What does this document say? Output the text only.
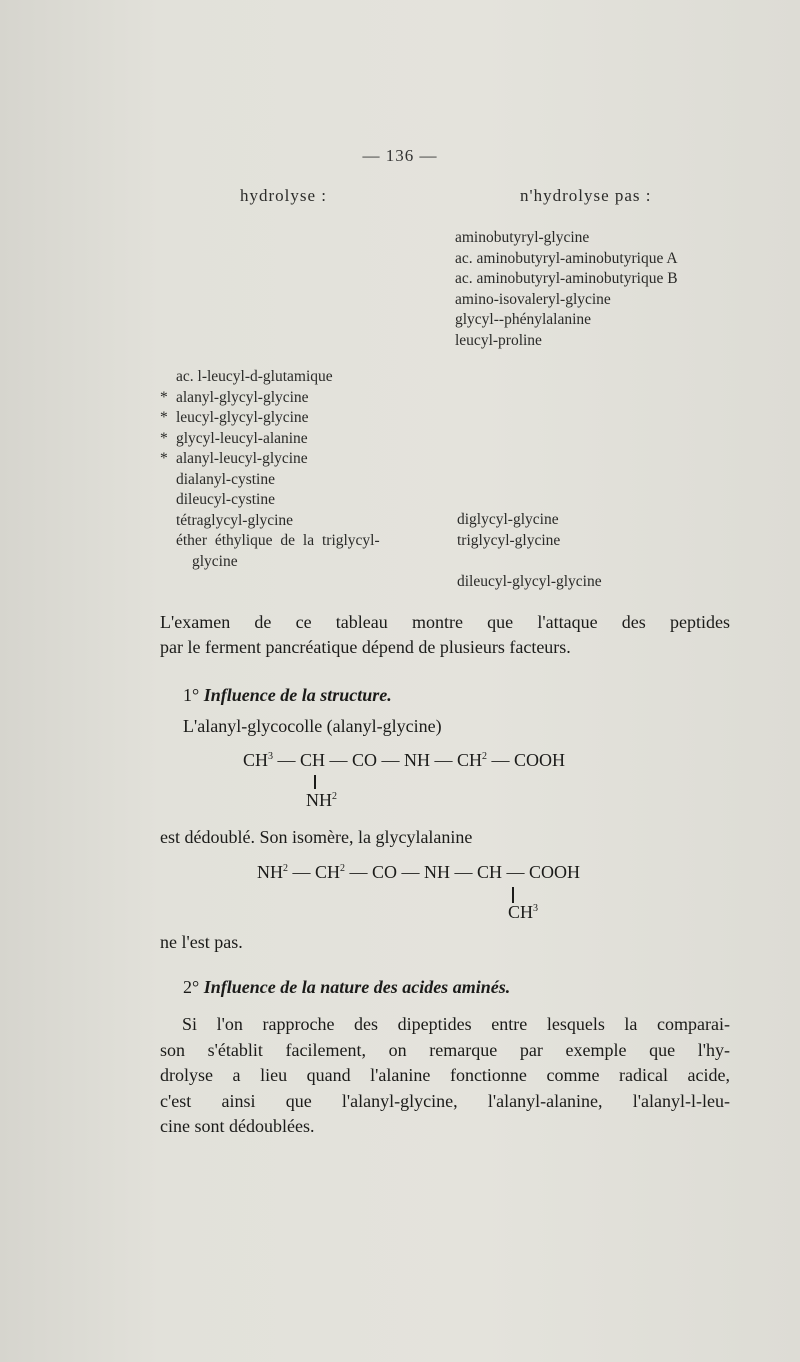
— 136 —
hydrolyse :	n'hydrolyse pas :
aminobutyryl-glycine
ac. aminobutyryl-aminobutyrique A
ac. aminobutyryl-aminobutyrique B
amino-isovaleryl-glycine
glycyl--phénylalanine
leucyl-proline
ac. l-leucyl-d-glutamique
* alanyl-glycyl-glycine
* leucyl-glycyl-glycine
* glycyl-leucyl-alanine
* alanyl-leucyl-glycine
dialanyl-cystine
dileucyl-cystine
tétraglycyl-glycine
éther éthylique de la triglycyl-
glycine
diglycyl-glycine
triglycyl-glycine
dileucyl-glycyl-glycine
L'examen de ce tableau montre que l'attaque des peptides
par le ferment pancréatique dépend de plusieurs facteurs.
1° Influence de la structure.
L'alanyl-glycocolle (alanyl-glycine)
$CH^3$ — CH — CO — NH — $CH^2$ — COOH
$NH^2$
est dédoublé. Son isomère, la glycylalanine
$NH^2$ — $CH^2$ — CO — NH — CH — COOH
$CH^3$
ne l'est pas.
2° Influence de la nature des acides aminés.
Si l'on rapproche des dipeptides entre lesquels la comparai-
son s'établit facilement, on remarque par exemple que l'hy-
drolyse a lieu quand l'alanine fonctionne comme radical acide,
c'est ainsi que l'alanyl-glycine, l'alanyl-alanine, l'alanyl-l-leu-
cine sont dédoublées.
